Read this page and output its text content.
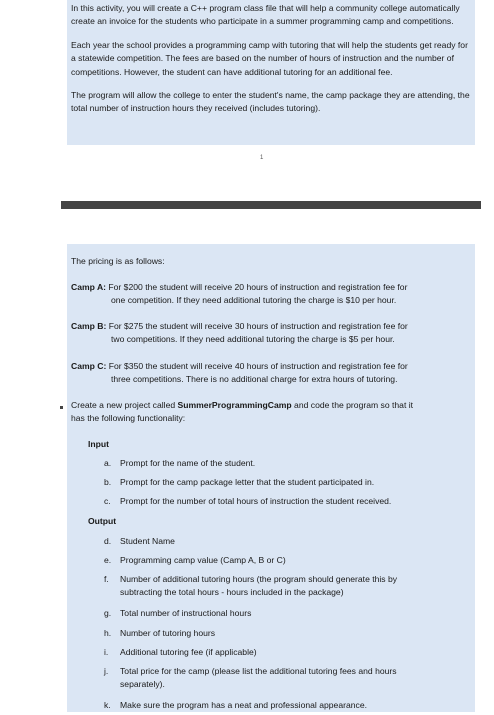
In this activity, you will create a C++ program class file that will help a community college automatically create an invoice for the students who participate in a summer programming camp and competitions.

Each year the school provides a programming camp with tutoring that will help the students get ready for a statewide competition. The fees are based on the number of hours of instruction and the number of competitions. However, the student can have additional tutoring for an additional fee.

The program will allow the college to enter the student's name, the camp package they are attending, the total number of instruction hours they received (includes tutoring).

1
The pricing is as follows:
Camp A: For $200 the student will receive 20 hours of instruction and registration fee for
one competition. If they need additional tutoring the charge is $10 per hour.
Camp B: For $275 the student will receive 30 hours of instruction and registration fee for
two competitions. If they need additional tutoring the charge is $5 per hour.
Camp C: For $350 the student will receive 40 hours of instruction and registration fee for
three competitions. There is no additional charge for extra hours of tutoring.
Create a new project called SummerProgrammingCamp and code the program so that it
has the following functionality:
Input
a. Prompt for the name of the student.
b. Prompt for the camp package letter that the student participated in.
c. Prompt for the number of total hours of instruction the student received.
Output
d. Student Name
e. Programming camp value (Camp A, B or C)
f. Number of additional tutoring hours (the program should generate this by
subtracting the total hours - hours included in the package)
g. Total number of instructional hours
h. Number of tutoring hours
i. Additional tutoring fee (if applicable)
j. Total price for the camp (please list the additional tutoring fees and hours
separately).
k. Make sure the program has a neat and professional appearance.
